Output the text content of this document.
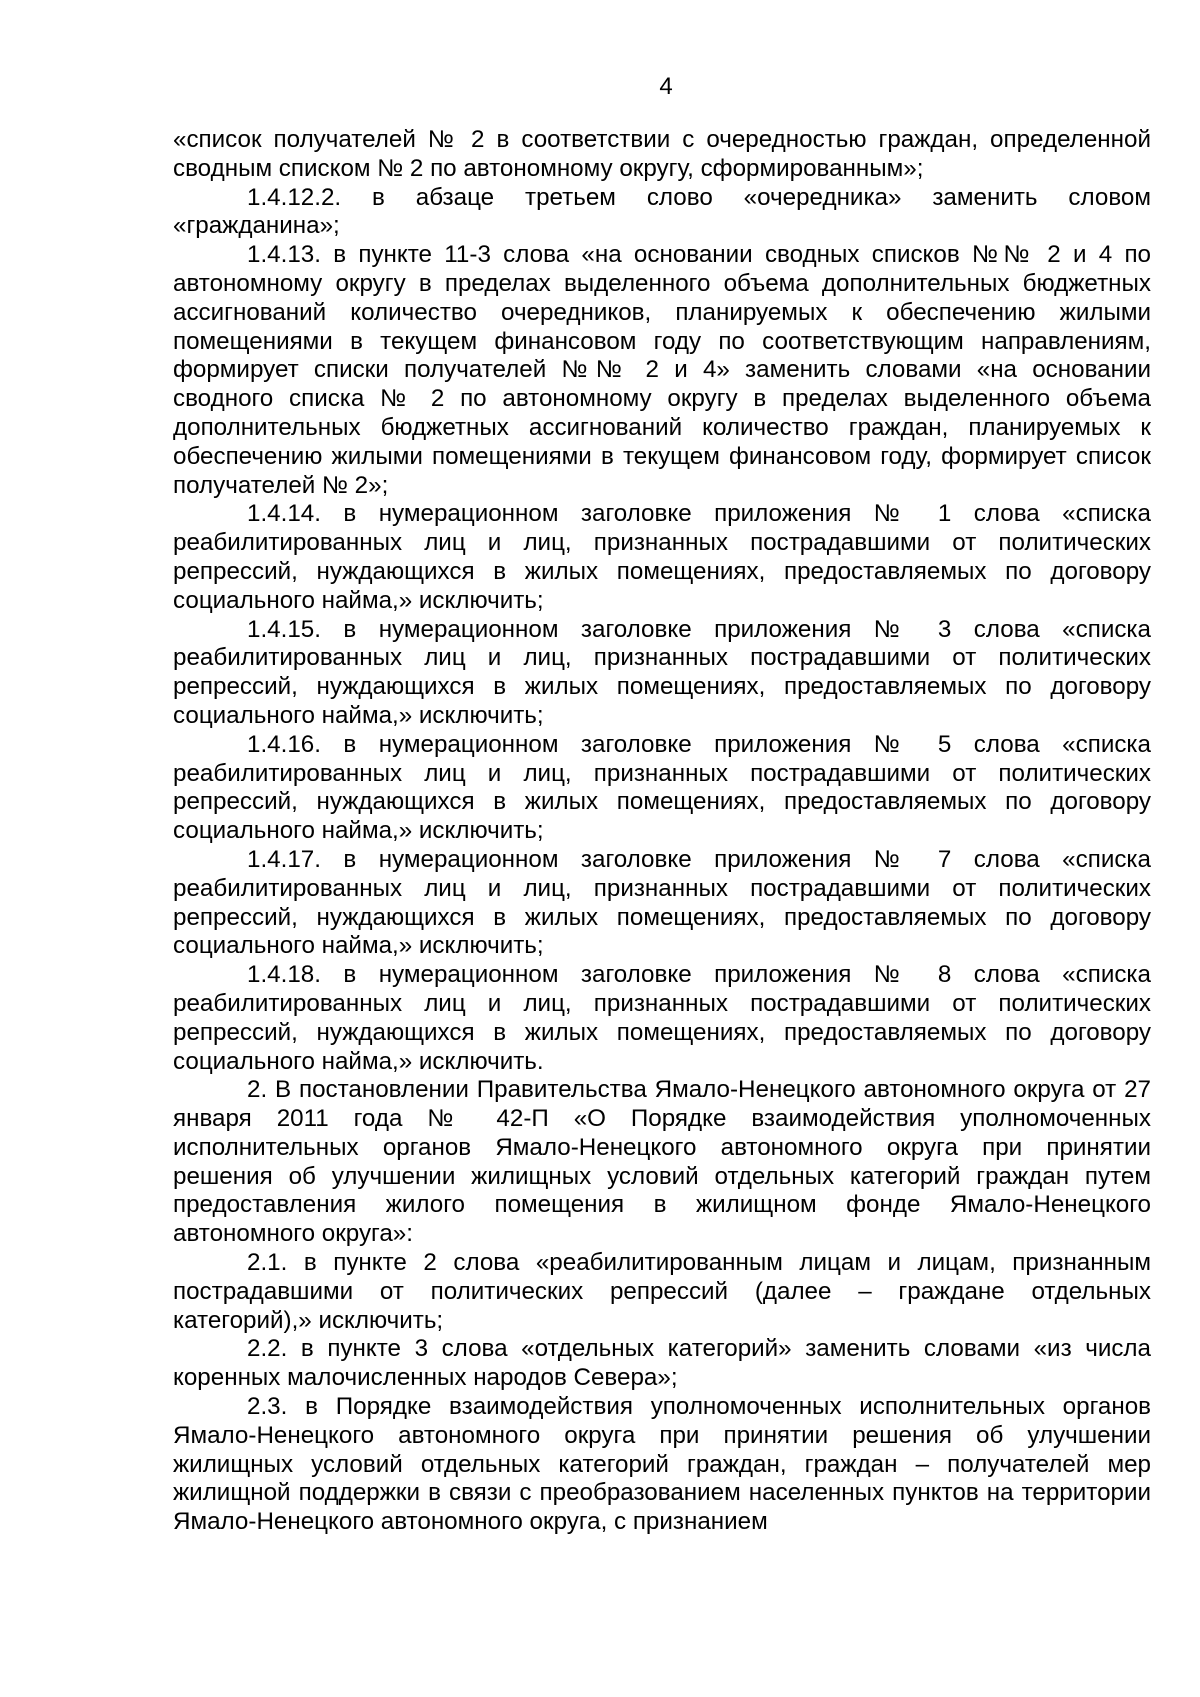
4

«список получателей № 2 в соответствии с очередностью граждан, определенной сводным списком № 2 по автономному округу, сформированным»;

1.4.12.2. в абзаце третьем слово «очередника» заменить словом «гражданина»;

1.4.13. в пункте 11-3 слова «на основании сводных списков №№ 2 и 4 по автономному округу в пределах выделенного объема дополнительных бюджетных ассигнований количество очередников, планируемых к обеспечению жилыми помещениями в текущем финансовом году по соответствующим направлениям, формирует списки получателей №№ 2 и 4» заменить словами «на основании сводного списка № 2 по автономному округу в пределах выделенного объема дополнительных бюджетных ассигнований количество граждан, планируемых к обеспечению жилыми помещениями в текущем финансовом году, формирует список получателей № 2»;

1.4.14. в нумерационном заголовке приложения № 1 слова «списка реабилитированных лиц и лиц, признанных пострадавшими от политических репрессий, нуждающихся в жилых помещениях, предоставляемых по договору социального найма,» исключить;

1.4.15. в нумерационном заголовке приложения № 3 слова «списка реабилитированных лиц и лиц, признанных пострадавшими от политических репрессий, нуждающихся в жилых помещениях, предоставляемых по договору социального найма,» исключить;

1.4.16. в нумерационном заголовке приложения № 5 слова «списка реабилитированных лиц и лиц, признанных пострадавшими от политических репрессий, нуждающихся в жилых помещениях, предоставляемых по договору социального найма,» исключить;

1.4.17. в нумерационном заголовке приложения № 7 слова «списка реабилитированных лиц и лиц, признанных пострадавшими от политических репрессий, нуждающихся в жилых помещениях, предоставляемых по договору социального найма,» исключить;

1.4.18. в нумерационном заголовке приложения № 8 слова «списка реабилитированных лиц и лиц, признанных пострадавшими от политических репрессий, нуждающихся в жилых помещениях, предоставляемых по договору социального найма,» исключить.

2. В постановлении Правительства Ямало-Ненецкого автономного округа от 27 января 2011 года № 42-П «О Порядке взаимодействия уполномоченных исполнительных органов Ямало-Ненецкого автономного округа при принятии решения об улучшении жилищных условий отдельных категорий граждан путем предоставления жилого помещения в жилищном фонде Ямало-Ненецкого автономного округа»:

2.1. в пункте 2 слова «реабилитированным лицам и лицам, признанным пострадавшими от политических репрессий (далее – граждане отдельных категорий),» исключить;

2.2. в пункте 3 слова «отдельных категорий» заменить словами «из числа коренных малочисленных народов Севера»;

2.3. в Порядке взаимодействия уполномоченных исполнительных органов Ямало-Ненецкого автономного округа при принятии решения об улучшении жилищных условий отдельных категорий граждан, граждан – получателей мер жилищной поддержки в связи с преобразованием населенных пунктов на территории Ямало-Ненецкого автономного округа, с признанием
